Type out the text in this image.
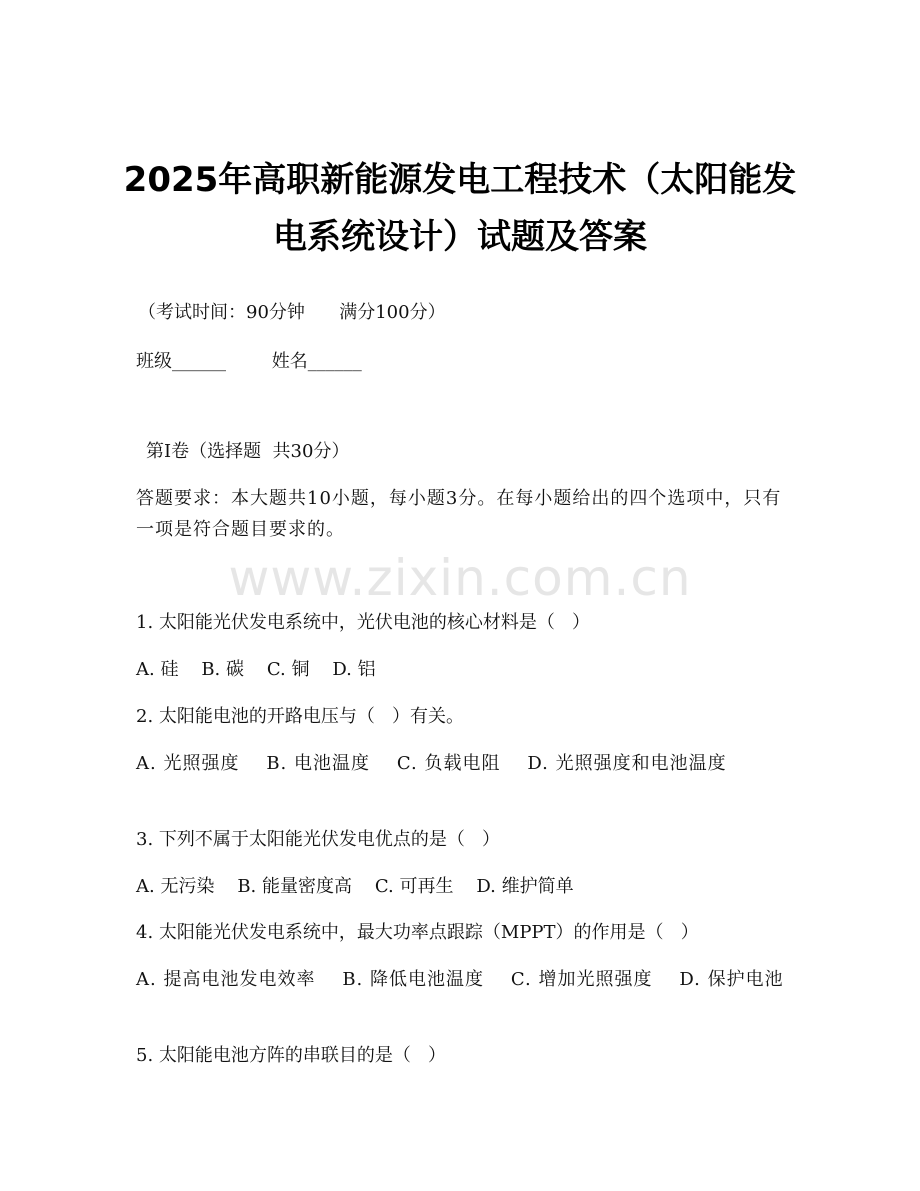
2025年高职新能源发电工程技术（太阳能发
电系统设计）试题及答案
（考试时间：90分钟      满分100分）
班级______        姓名______
第Ⅰ卷（选择题  共30分）
答题要求：本大题共10小题，每小题3分。在每小题给出的四个选项中，只有一项是符合题目要求的。
www.zixin.com.cn
1. 太阳能光伏发电系统中，光伏电池的核心材料是（   ）
A. 硅    B. 碳    C. 铜    D. 铝
2. 太阳能电池的开路电压与（   ）有关。
A. 光照强度    B. 电池温度    C. 负载电阻    D. 光照强度和电池温度
3. 下列不属于太阳能光伏发电优点的是（   ）
A. 无污染    B. 能量密度高    C. 可再生    D. 维护简单
4. 太阳能光伏发电系统中，最大功率点跟踪（MPPT）的作用是（   ）
A. 提高电池发电效率    B. 降低电池温度    C. 增加光照强度    D. 保护电池
5. 太阳能电池方阵的串联目的是（   ）
